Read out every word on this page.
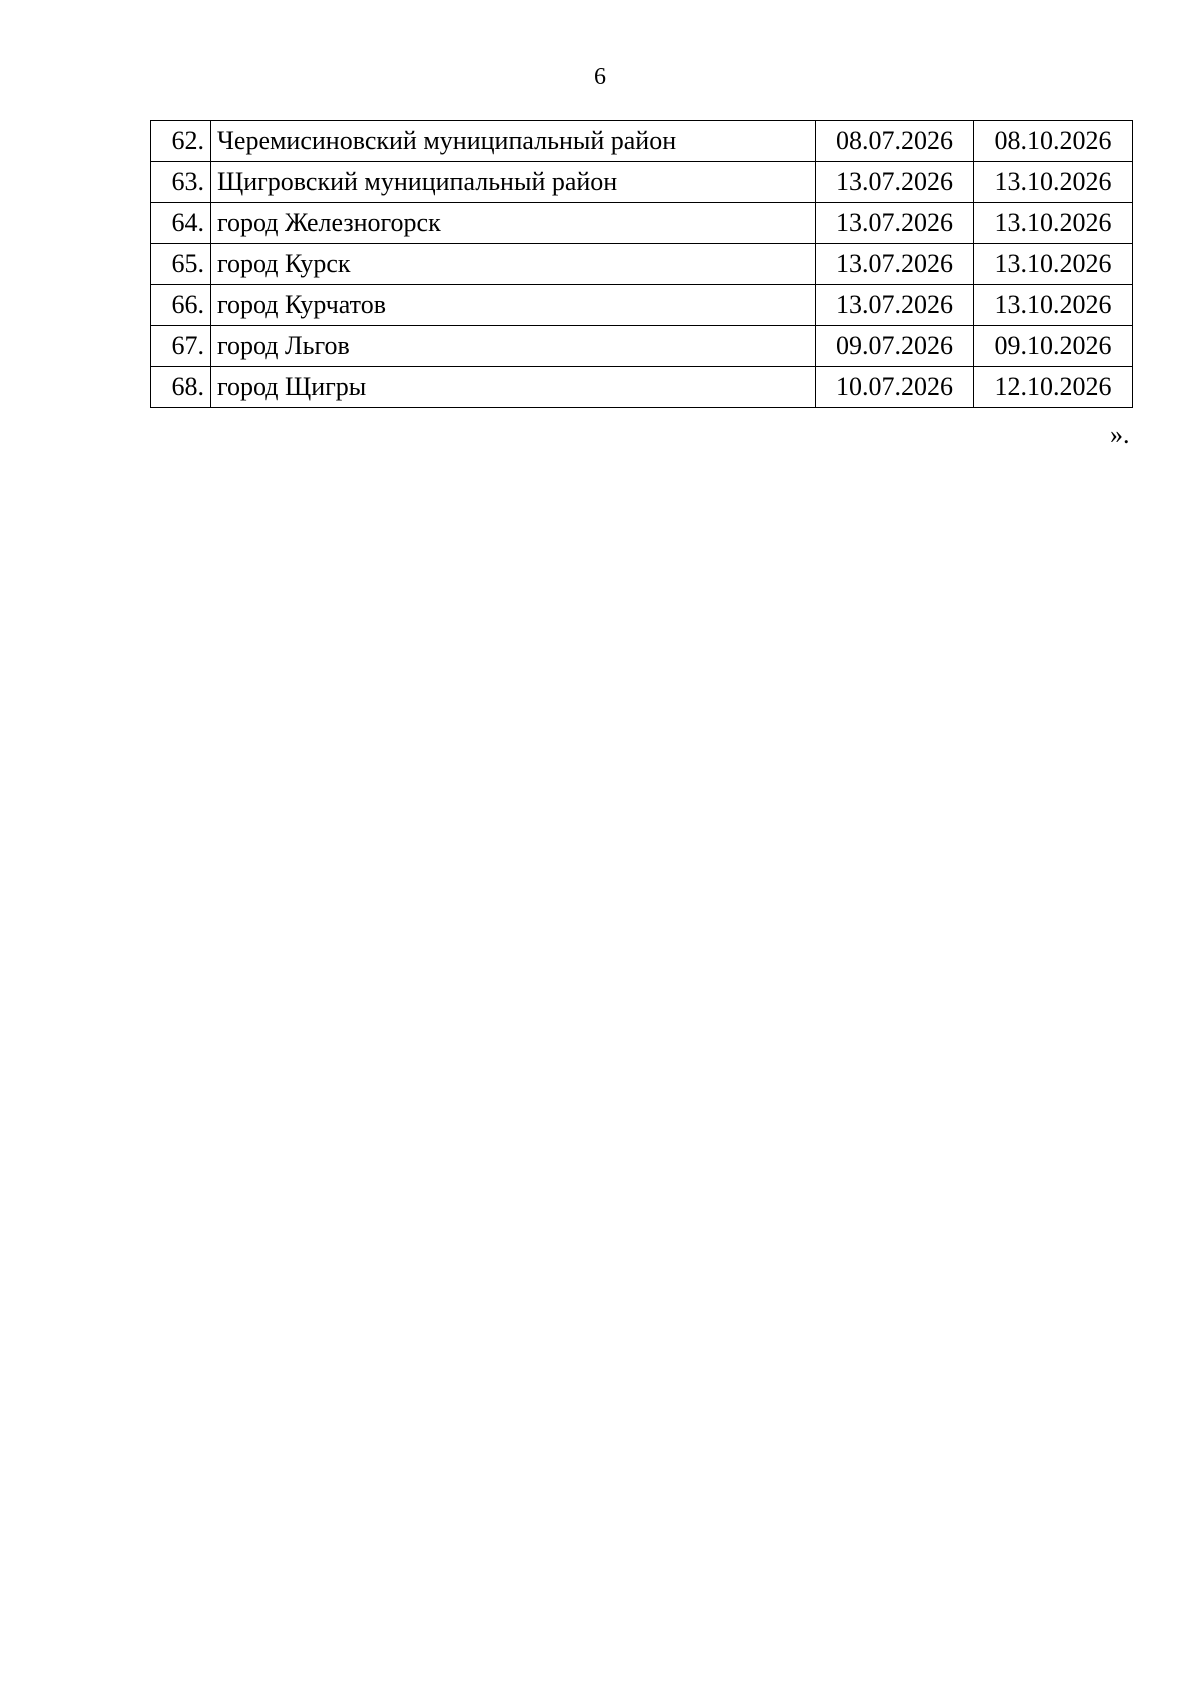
6
62.	Черемисиновский муниципальный район	08.07.2026	08.10.2026
63.	Щигровский муниципальный район	13.07.2026	13.10.2026
64.	город Железногорск	13.07.2026	13.10.2026
65.	город Курск	13.07.2026	13.10.2026
66.	город Курчатов	13.07.2026	13.10.2026
67.	город Льгов	09.07.2026	09.10.2026
68.	город Щигры	10.07.2026	12.10.2026
».
